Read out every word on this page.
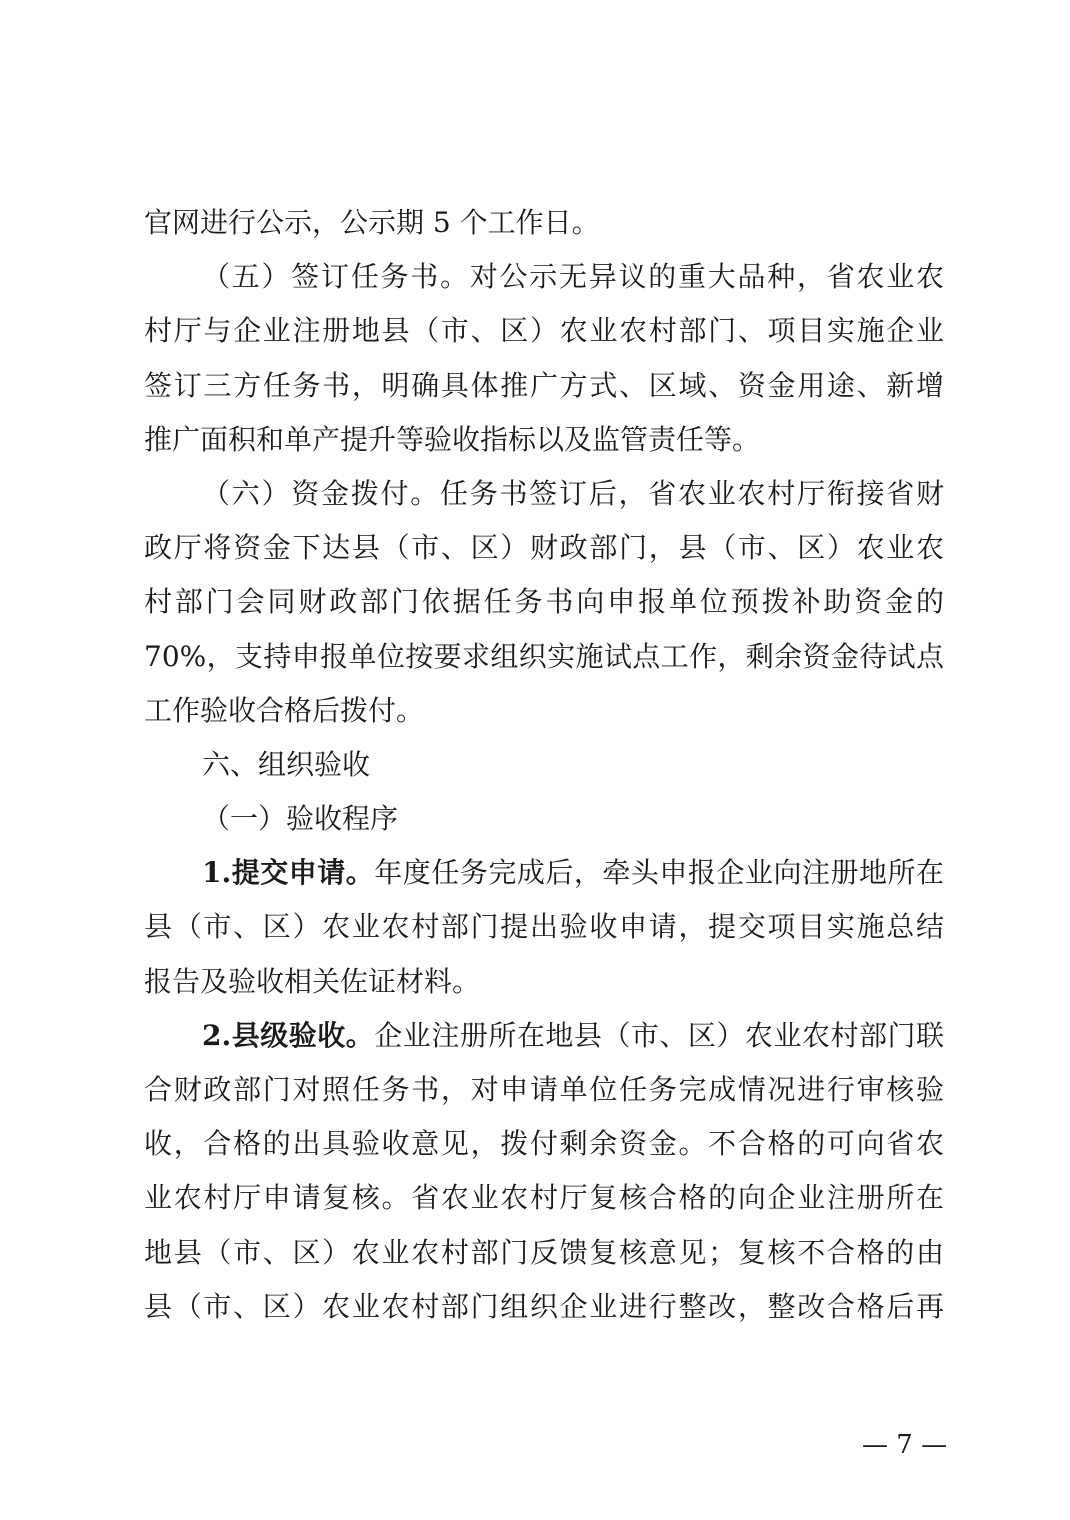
官网进行公示，公示期 5 个工作日。
（五）签订任务书。对公示无异议的重大品种，省农业农
村厅与企业注册地县（市、区）农业农村部门、项目实施企业
签订三方任务书，明确具体推广方式、区域、资金用途、新增
推广面积和单产提升等验收指标以及监管责任等。
（六）资金拨付。任务书签订后，省农业农村厅衔接省财
政厅将资金下达县（市、区）财政部门，县（市、区）农业农
村部门会同财政部门依据任务书向申报单位预拨补助资金的
70%，支持申报单位按要求组织实施试点工作，剩余资金待试点
工作验收合格后拨付。
六、组织验收
（一）验收程序
1.提交申请。年度任务完成后，牵头申报企业向注册地所在
县（市、区）农业农村部门提出验收申请，提交项目实施总结
报告及验收相关佐证材料。
2.县级验收。企业注册所在地县（市、区）农业农村部门联
合财政部门对照任务书，对申请单位任务完成情况进行审核验
收，合格的出具验收意见，拨付剩余资金。不合格的可向省农
业农村厅申请复核。省农业农村厅复核合格的向企业注册所在
地县（市、区）农业农村部门反馈复核意见；复核不合格的由
县（市、区）农业农村部门组织企业进行整改，整改合格后再
— 7 —
